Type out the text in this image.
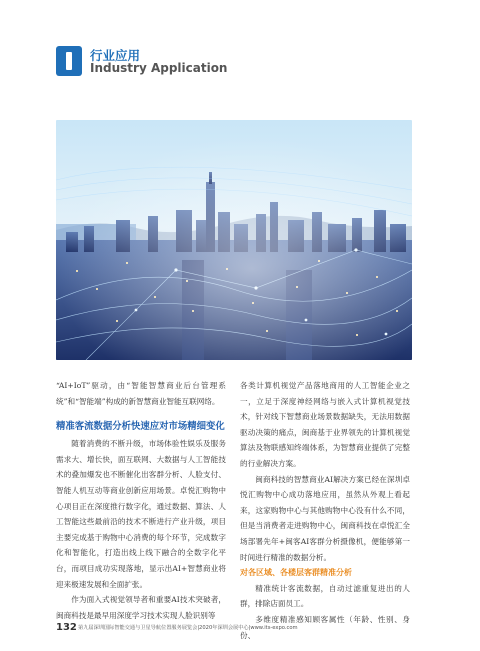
行业应用
Industry Application

“AI+IoT”驱动，由“智能智慧商业后台管理系统”和“智能端”构成的新智慧商业智能互联网络。

精准客流数据分析快速应对市场精细变化

随着消费的不断升级，市场体验性娱乐及服务需求大、增长快，面互联网、大数据与人工智能技术的叠加爆发也不断催化出客群分析、人脸支付、智能人机互动等商业创新应用场景。卓悦汇购物中心项目正在深度推行数字化，通过数据、算法、人工智能这些最前沿的技术不断进行产业升级，项目主要完成基于购物中心消费的每个环节，完成数字化和智能化，打造出线上线下融合的全数字化平台，而项目成功实现落地，显示出AI+智慧商业将迎来极速发展和全面扩张。

作为面入式视觉领导者和重要AI技术突破者，闽商科技是最早用深度学习技术实现人脸识别等

各类计算机视觉产品落地商用的人工智能企业之一，立足于深度神经网络与嵌入式计算机视觉技术，针对线下智慧商业场景数据缺失，无法用数据驱动决策的痛点，闽商基于业界领先的计算机视觉算法及物联感知终端体系，为智慧商业提供了完整的行业解决方案。

闽商科技的智慧商业AI解决方案已经在深圳卓悦汇购物中心成功落地应用，虽然从外观上看起来，这家购物中心与其他购物中心没有什么不同，但是当消费者走进购物中心，闽商科技在卓悦汇全场部署先年+闽客AI客群分析摄像机，便能够第一时间进行精准的数据分析。

对各区域、各楼层客群精准分析

精准统计客流数据，自动过滤重复进出的人群，排除店面员工。

多维度精准感知顾客属性（年龄、性别、身份、

132 第九届深圳国际智能交通与卫星导航位置服务展览会|2020年深圳会展中心|www.its-expo.com
